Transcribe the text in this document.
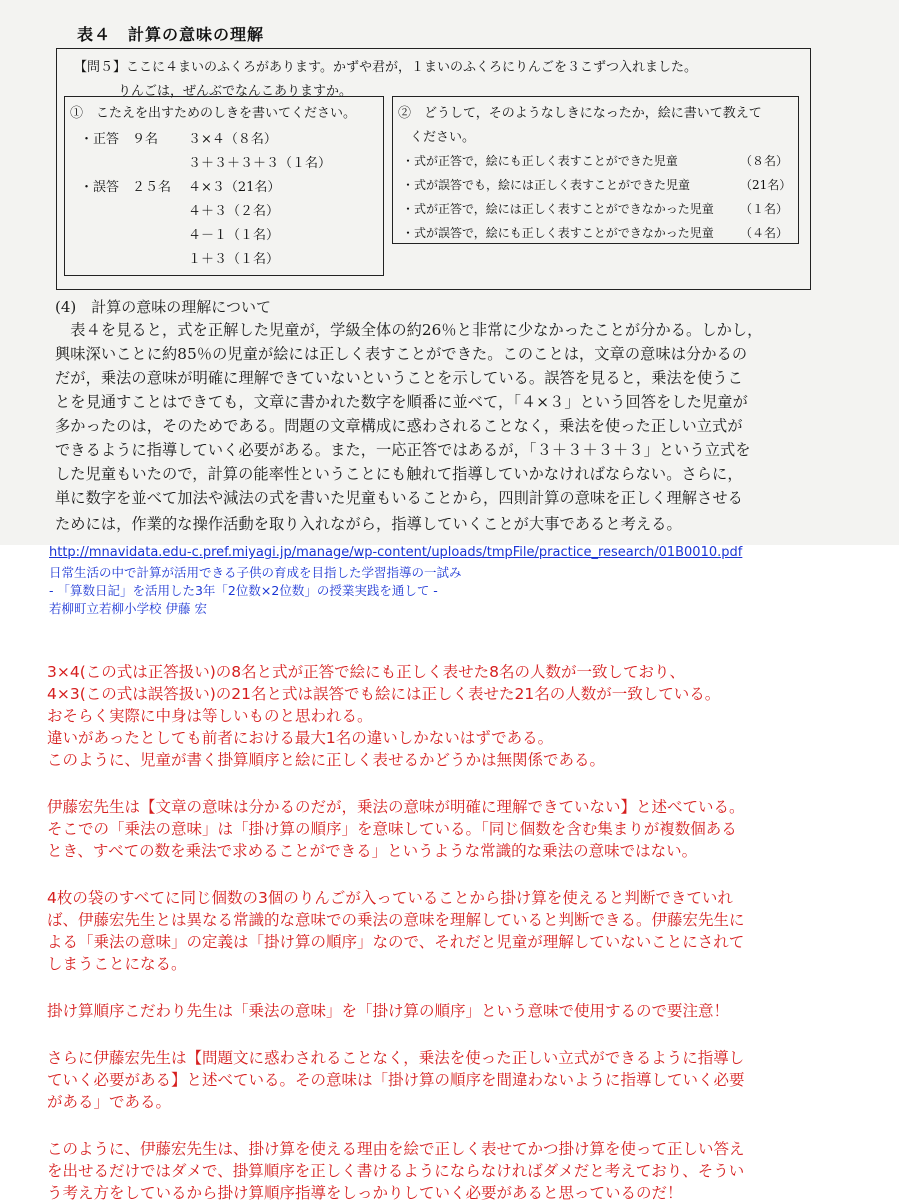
表４　計算の意味の理解
【問５】ここに４まいのふくろがあります。かずや君が，１まいのふくろにりんごを３こずつ入れました。
りんごは，ぜんぶでなんこありますか。
①　こたえを出すためのしきを書いてください。
・正答　９名 ３×４（８名）
３＋３＋３＋３（１名）
・誤答　２５名 ４×３（21名）
４＋３（２名）
４－１（１名）
１＋３（１名）
②　どうして，そのようなしきになったか，絵に書いて教えて
ください。
・式が正答で，絵にも正しく表すことができた児童	（８名）
・式が誤答でも，絵には正しく表すことができた児童	（21名）
・式が正答で，絵には正しく表すことができなかった児童 （１名）
・式が誤答で，絵にも正しく表すことができなかった児童 （４名）
(4)　計算の意味の理解について
　表４を見ると，式を正解した児童が，学級全体の約26％と非常に少なかったことが分かる。しかし，
興味深いことに約85％の児童が絵には正しく表すことができた。このことは，文章の意味は分かるの
だが，乗法の意味が明確に理解できていないということを示している。誤答を見ると，乗法を使うこ
とを見通すことはできても，文章に書かれた数字を順番に並べて，「４×３」という回答をした児童が
多かったのは，そのためである。問題の文章構成に惑わされることなく，乗法を使った正しい立式が
できるように指導していく必要がある。また，一応正答ではあるが，「３＋３＋３＋３」という立式を
した児童もいたので，計算の能率性ということにも触れて指導していかなければならない。さらに，
単に数字を並べて加法や減法の式を書いた児童もいることから，四則計算の意味を正しく理解させる
ためには，作業的な操作活動を取り入れながら，指導していくことが大事であると考える。
http://mnavidata.edu-c.pref.miyagi.jp/manage/wp-content/uploads/tmpFile/practice_research/01B0010.pdf
日常生活の中で計算が活用できる子供の育成を目指した学習指導の一試み
- 「算数日記」を活用した3年「2位数×2位数」の授業実践を通して -
若柳町立若柳小学校 伊藤 宏
3×4(この式は正答扱い)の8名と式が正答で絵にも正しく表せた8名の人数が一致しており、
4×3(この式は誤答扱い)の21名と式は誤答でも絵には正しく表せた21名の人数が一致している。
おそらく実際に中身は等しいものと思われる。
違いがあったとしても前者における最大1名の違いしかないはずである。
このように、児童が書く掛算順序と絵に正しく表せるかどうかは無関係である。
伊藤宏先生は【文章の意味は分かるのだが，乗法の意味が明確に理解できていない】と述べている。
そこでの「乗法の意味」は「掛け算の順序」を意味している。「同じ個数を含む集まりが複数個ある
とき、すべての数を乗法で求めることができる」というような常識的な乗法の意味ではない。
4枚の袋のすべてに同じ個数の3個のりんごが入っていることから掛け算を使えると判断できていれ
ば、伊藤宏先生とは異なる常識的な意味での乗法の意味を理解していると判断できる。伊藤宏先生に
よる「乗法の意味」の定義は「掛け算の順序」なので、それだと児童が理解していないことにされて
しまうことになる。
掛け算順序こだわり先生は「乗法の意味」を「掛け算の順序」という意味で使用するので要注意！
さらに伊藤宏先生は【問題文に惑わされることなく，乗法を使った正しい立式ができるように指導し
ていく必要がある】と述べている。その意味は「掛け算の順序を間違わないように指導していく必要
がある」である。
このように、伊藤宏先生は、掛け算を使える理由を絵で正しく表せてかつ掛け算を使って正しい答え
を出せるだけではダメで、掛算順序を正しく書けるようにならなければダメだと考えており、そうい
う考え方をしているから掛け算順序指導をしっかりしていく必要があると思っているのだ！
